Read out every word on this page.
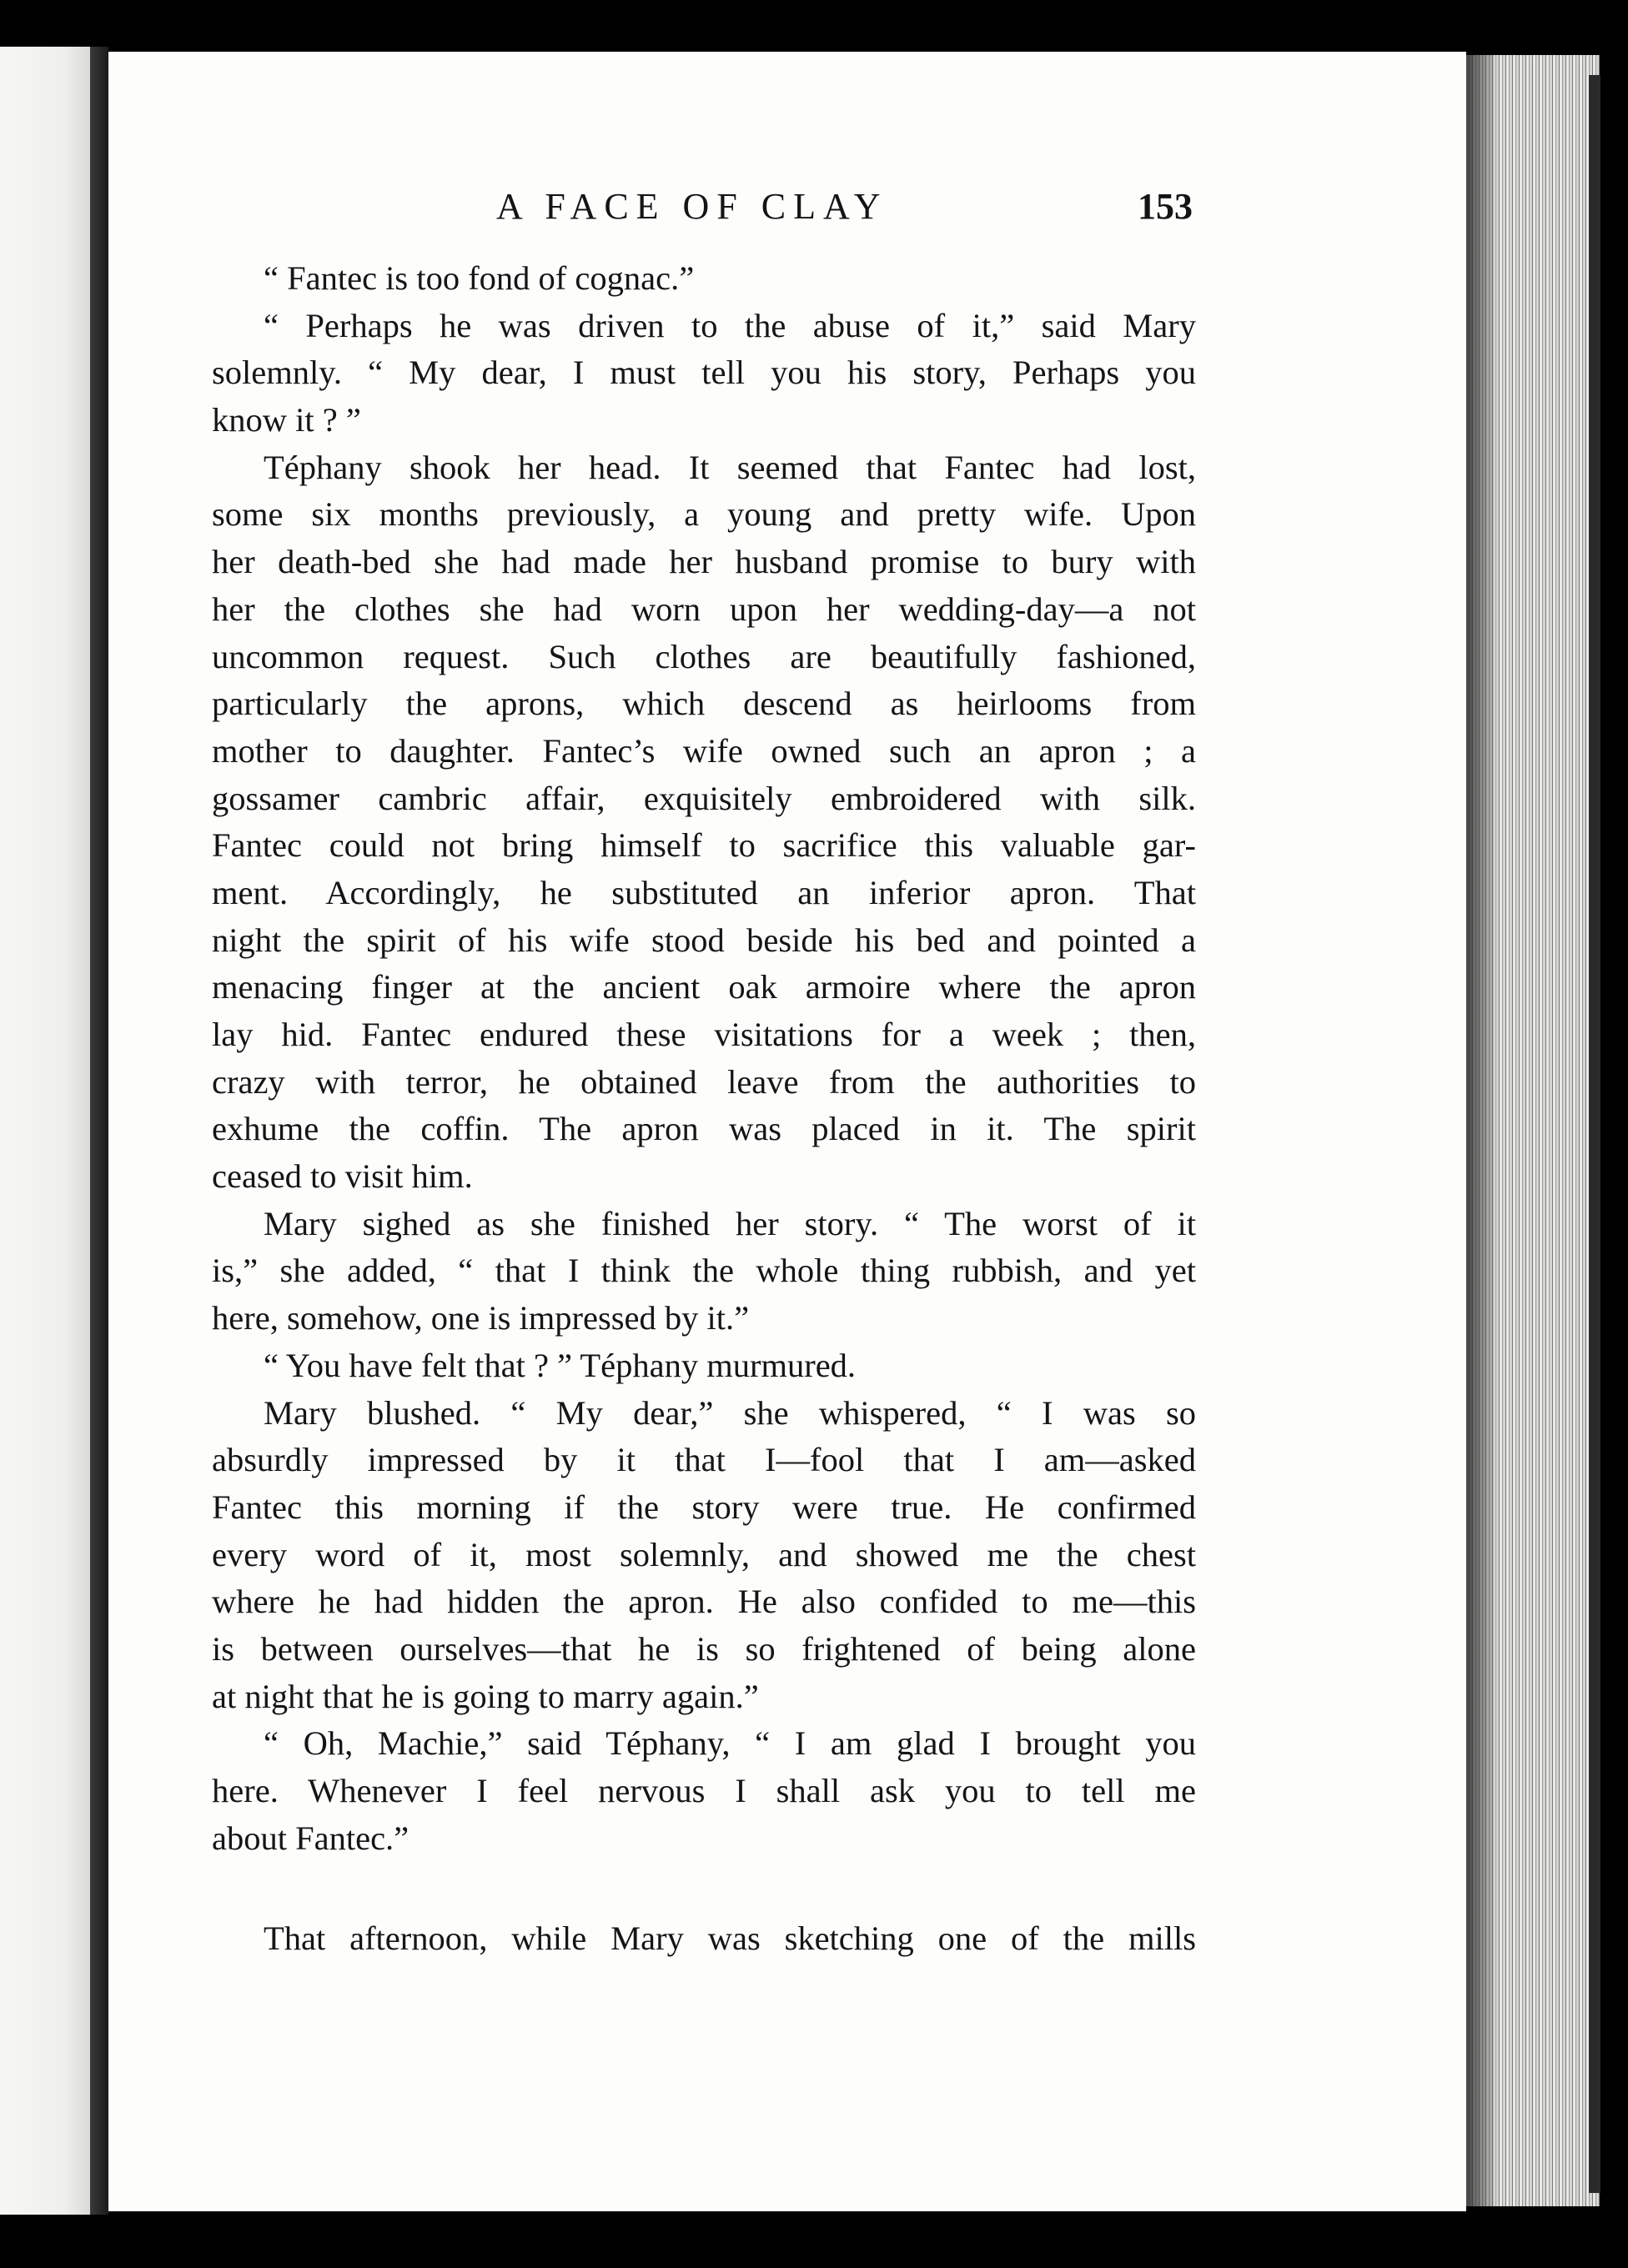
A FACE OF CLAY	153
“ Fantec is too fond of cognac.”
“ Perhaps he was driven to the abuse of it,” said Mary
solemnly. “ My dear, I must tell you his story, Perhaps you
know it ? ”
Téphany shook her head. It seemed that Fantec had lost,
some six months previously, a young and pretty wife. Upon
her death-bed she had made her husband promise to bury with
her the clothes she had worn upon her wedding-day—a not
uncommon request. Such clothes are beautifully fashioned,
particularly the aprons, which descend as heirlooms from
mother to daughter. Fantec’s wife owned such an apron ; a
gossamer cambric affair, exquisitely embroidered with silk.
Fantec could not bring himself to sacrifice this valuable gar-
ment. Accordingly, he substituted an inferior apron. That
night the spirit of his wife stood beside his bed and pointed a
menacing finger at the ancient oak armoire where the apron
lay hid. Fantec endured these visitations for a week ; then,
crazy with terror, he obtained leave from the authorities to
exhume the coffin. The apron was placed in it. The spirit
ceased to visit him.
Mary sighed as she finished her story. “ The worst of it
is,” she added, “ that I think the whole thing rubbish, and yet
here, somehow, one is impressed by it.”
“ You have felt that ? ” Téphany murmured.
Mary blushed. “ My dear,” she whispered, “ I was so
absurdly impressed by it that I—fool that I am—asked
Fantec this morning if the story were true. He confirmed
every word of it, most solemnly, and showed me the chest
where he had hidden the apron. He also confided to me—this
is between ourselves—that he is so frightened of being alone
at night that he is going to marry again.”
“ Oh, Machie,” said Téphany, “ I am glad I brought you
here. Whenever I feel nervous I shall ask you to tell me
about Fantec.”
That afternoon, while Mary was sketching one of the mills
